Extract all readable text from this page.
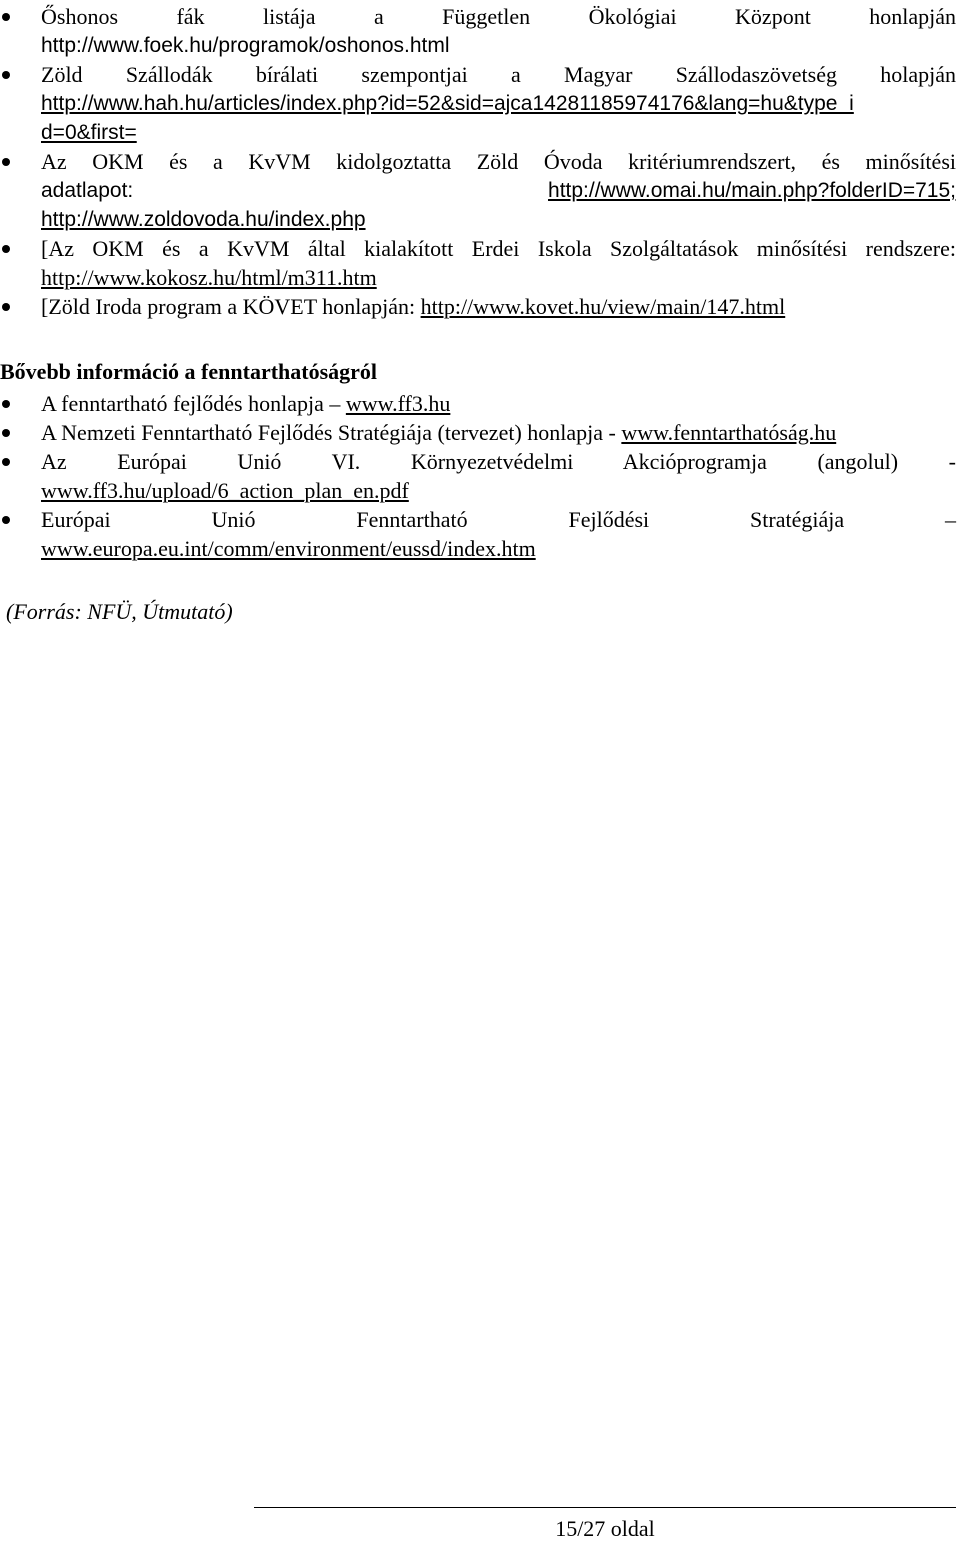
Őshonos fák listája a Független Ökológiai Központ honlapján
http://www.foek.hu/programok/oshonos.html
Zöld Szállodák bírálati szempontjai a Magyar Szállodaszövetség holapján
http://www.hah.hu/articles/index.php?id=52&sid=ajca14281185974176&lang=hu&type_i
d=0&first=
Az OKM és a KvVM kidolgoztatta Zöld Óvoda kritériumrendszert, és minősítési
adatlapot:	http://www.omai.hu/main.php?folderID=715;
http://www.zoldovoda.hu/index.php
[Az OKM és a KvVM által kialakított Erdei Iskola Szolgáltatások minősítési rendszere:
http://www.kokosz.hu/html/m311.htm
[Zöld Iroda program a KÖVET honlapján: http://www.kovet.hu/view/main/147.html

Bővebb információ a fenntarthatóságról

A fenntartható fejlődés honlapja – www.ff3.hu
A Nemzeti Fenntartható Fejlődés Stratégiája (tervezet) honlapja - www.fenntarthatóság.hu
Az Európai Unió VI. Környezetvédelmi Akcióprogramja (angolul) -
www.ff3.hu/upload/6_action_plan_en.pdf
Európai Unió Fenntartható Fejlődési Stratégiája –
www.europa.eu.int/comm/environment/eussd/index.htm

(Forrás: NFÜ, Útmutató)

15/27 oldal
